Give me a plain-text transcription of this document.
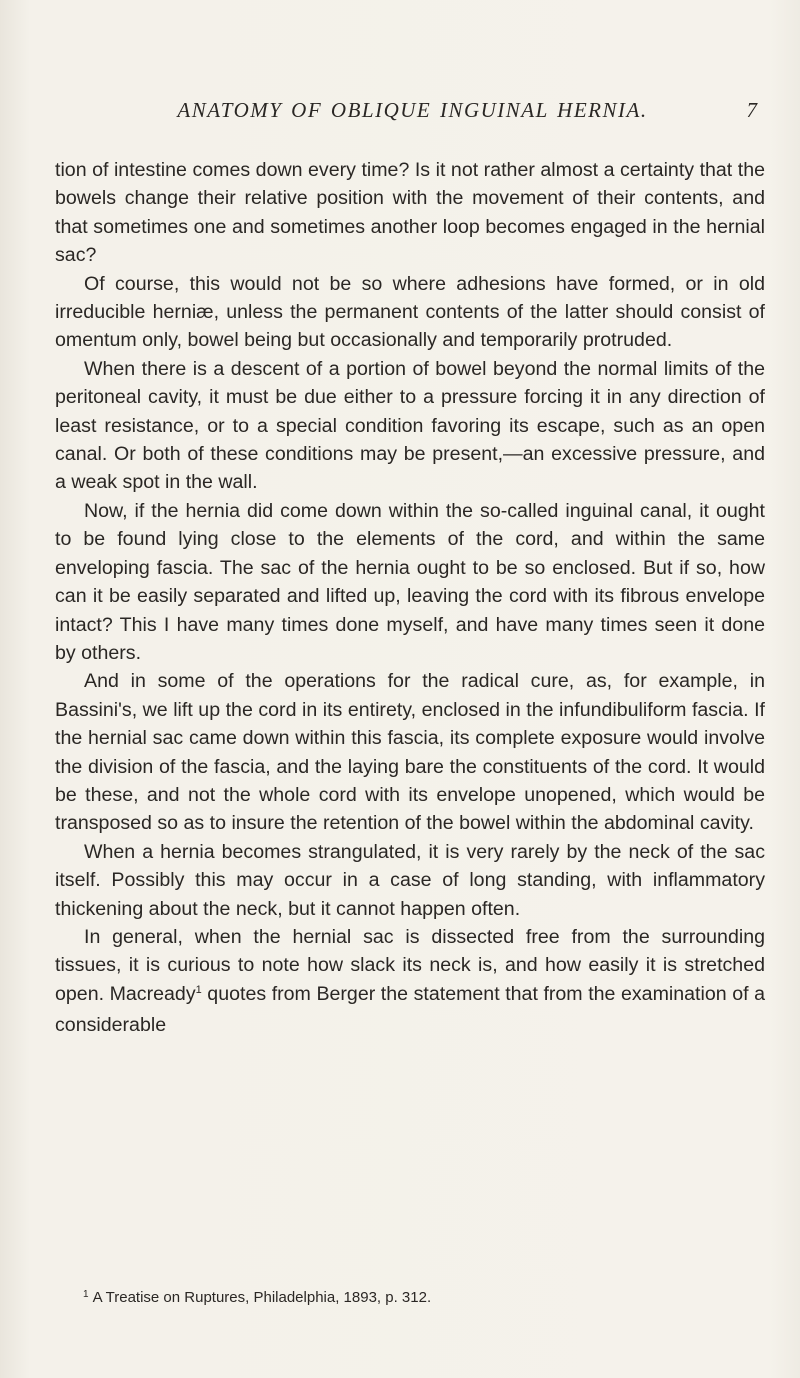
ANATOMY OF OBLIQUE INGUINAL HERNIA.	7

tion of intestine comes down every time? Is it not rather almost a certainty that the bowels change their relative position with the movement of their contents, and that sometimes one and sometimes another loop becomes engaged in the hernial sac?

Of course, this would not be so where adhesions have formed, or in old irreducible herniæ, unless the permanent contents of the latter should consist of omentum only, bowel being but occasionally and temporarily protruded.

When there is a descent of a portion of bowel beyond the normal limits of the peritoneal cavity, it must be due either to a pressure forcing it in any direction of least resistance, or to a special condition favoring its escape, such as an open canal. Or both of these conditions may be present,—an excessive pressure, and a weak spot in the wall.

Now, if the hernia did come down within the so-called inguinal canal, it ought to be found lying close to the elements of the cord, and within the same enveloping fascia. The sac of the hernia ought to be so enclosed. But if so, how can it be easily separated and lifted up, leaving the cord with its fibrous envelope intact? This I have many times done myself, and have many times seen it done by others.

And in some of the operations for the radical cure, as, for example, in Bassini's, we lift up the cord in its entirety, enclosed in the infundibuliform fascia. If the hernial sac came down within this fascia, its complete exposure would involve the division of the fascia, and the laying bare the constituents of the cord. It would be these, and not the whole cord with its envelope unopened, which would be transposed so as to insure the retention of the bowel within the abdominal cavity.

When a hernia becomes strangulated, it is very rarely by the neck of the sac itself. Possibly this may occur in a case of long standing, with inflammatory thickening about the neck, but it cannot happen often.

In general, when the hernial sac is dissected free from the surrounding tissues, it is curious to note how slack its neck is, and how easily it is stretched open. Macready$^1$ quotes from Berger the statement that from the examination of a considerable

$^1$ A Treatise on Ruptures, Philadelphia, 1893, p. 312.
